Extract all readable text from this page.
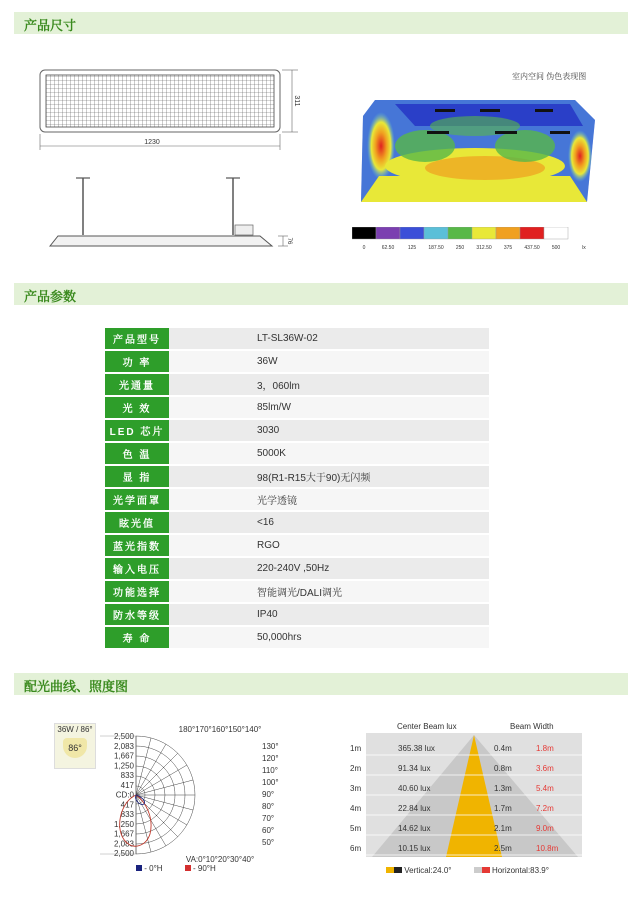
产品尺寸
产品参数
配光曲线、照度图
311
1230
76
室内空间 伪色表现图
0	62.50	125 187.50 250 312.50 375 437.50 500	lx
产品型号	LT-SL36W-02
功 率	36W
光通量	3，060lm
光 效	85lm/W
LED 芯片	3030
色 温	5000K
显 指	98(R1-R15大于90)无闪频
光学面罩	光学透镜
眩光值	<16
蓝光指数	RGO
输入电压	220-240V ,50Hz
功能选择	智能调光/DALI调光
防水等级	IP40
寿 命	50,000hrs
36W / 86°
86°
180°170°160°150°140°
2,500
2,083
1,667
1,250
833
417
CD:0
417
833
1,250
1,667
2,083
2,500
130°
120°
110°
100°
90°
80°
70°
60°
50°
VA:0°10°20°30°40°
- 0°H	- 90°H
Center Beam lux	Beam Width
1m	365.38 lux	0.4m	1.8m
2m	91.34 lux	0.8m	3.6m
3m	40.60 lux	1.3m	5.4m
4m	22.84 lux	1.7m	7.2m
5m	14.62 lux	2.1m	9.0m
6m	10.15 lux	2.5m	10.8m
Vertical:24.0°	Horizontal:83.9°
